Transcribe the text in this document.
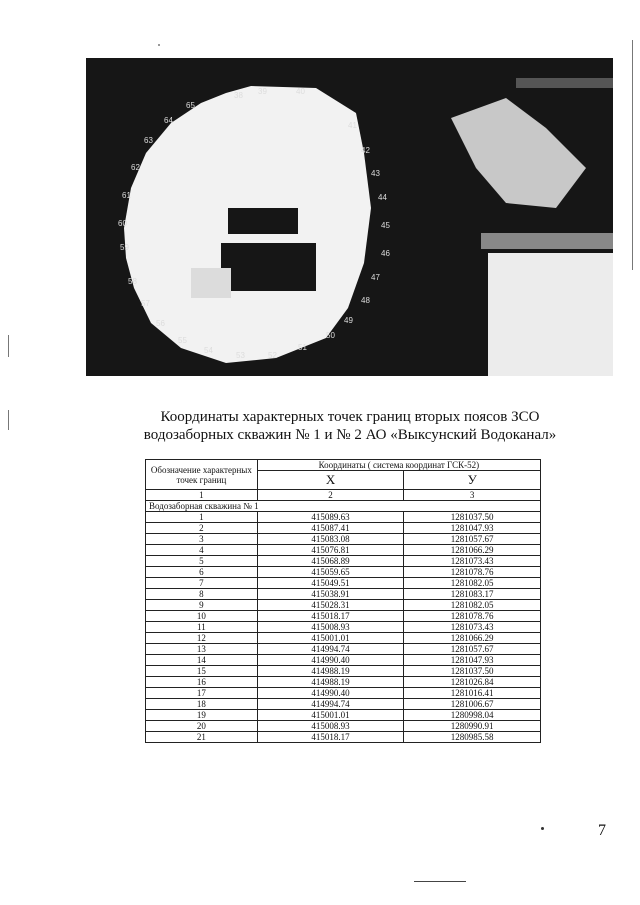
38 39	40
41
42
43
44
45
46
47
48
49
50
51
52
53
54
55
56
57
58
59
60
61
62
63
64
65
Координаты характерных точек границ вторых поясов ЗСО
водозаборных скважин № 1 и № 2 АО «Выксунский Водоканал»
Обозначение характерных точек границ	Координаты ( система координат ГСК-52)	
	X	У
1	2	3
Водозаборная скважина № 1		
1	415089.63	1281037.50
2	415087.41	1281047.93
3	415083.08	1281057.67
4	415076.81	1281066.29
5	415068.89	1281073.43
6	415059.65	1281078.76
7	415049.51	1281082.05
8	415038.91	1281083.17
9	415028.31	1281082.05
10	415018.17	1281078.76
11	415008.93	1281073.43
12	415001.01	1281066.29
13	414994.74	1281057.67
14	414990.40	1281047.93
15	414988.19	1281037.50
16	414988.19	1281026.84
17	414990.40	1281016.41
18	414994.74	1281006.67
19	415001.01	1280998.04
20	415008.93	1280990.91
21	415018.17	1280985.58
7
